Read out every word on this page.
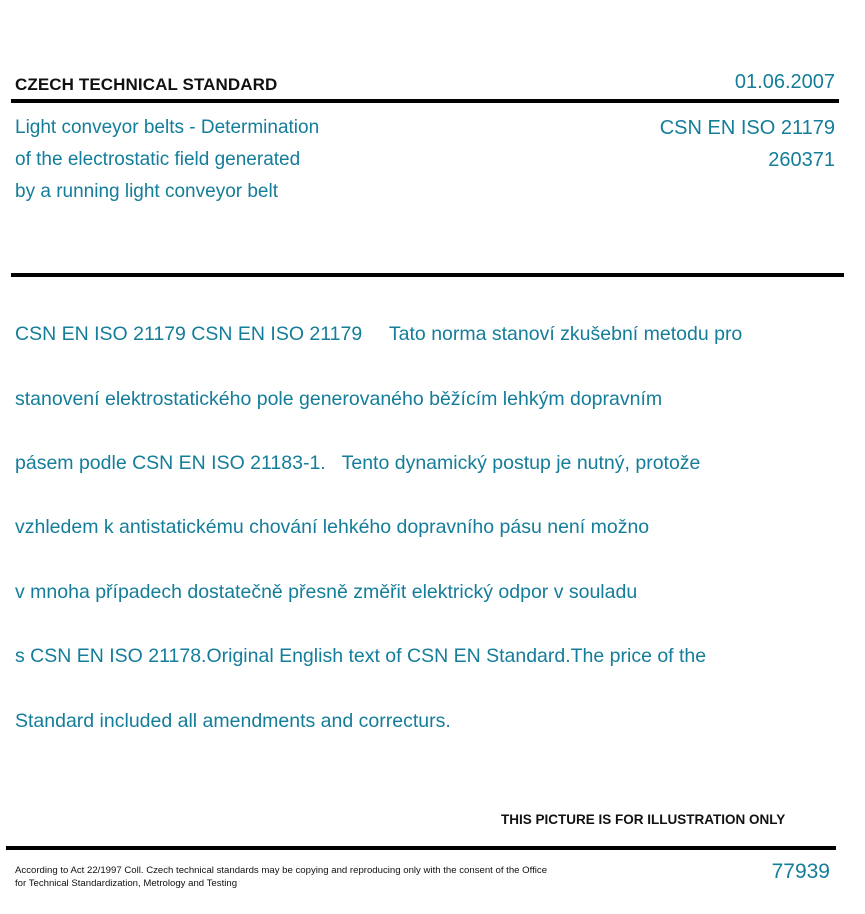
CZECH TECHNICAL STANDARD	01.06.2007
Light conveyor belts - Determination
of the electrostatic field generated
by a running light conveyor belt
CSN EN ISO 21179
260371

CSN EN ISO 21179 CSN EN ISO 21179     Tato norma stanoví zkušební metodu pro

stanovení elektrostatického pole generovaného běžícím lehkým dopravním

pásem podle CSN EN ISO 21183-1.   Tento dynamický postup je nutný, protože

vzhledem k antistatickému chování lehkého dopravního pásu není možno

v mnoha případech dostatečně přesně změřit elektrický odpor v souladu

s CSN EN ISO 21178.Original English text of CSN EN Standard.The price of the

Standard included all amendments and correcturs.

THIS PICTURE IS FOR ILLUSTRATION ONLY
According to Act 22/1997 Coll. Czech technical standards may be copying and reproducing only with the consent of the Office
for Technical Standardization, Metrology and Testing
77939
